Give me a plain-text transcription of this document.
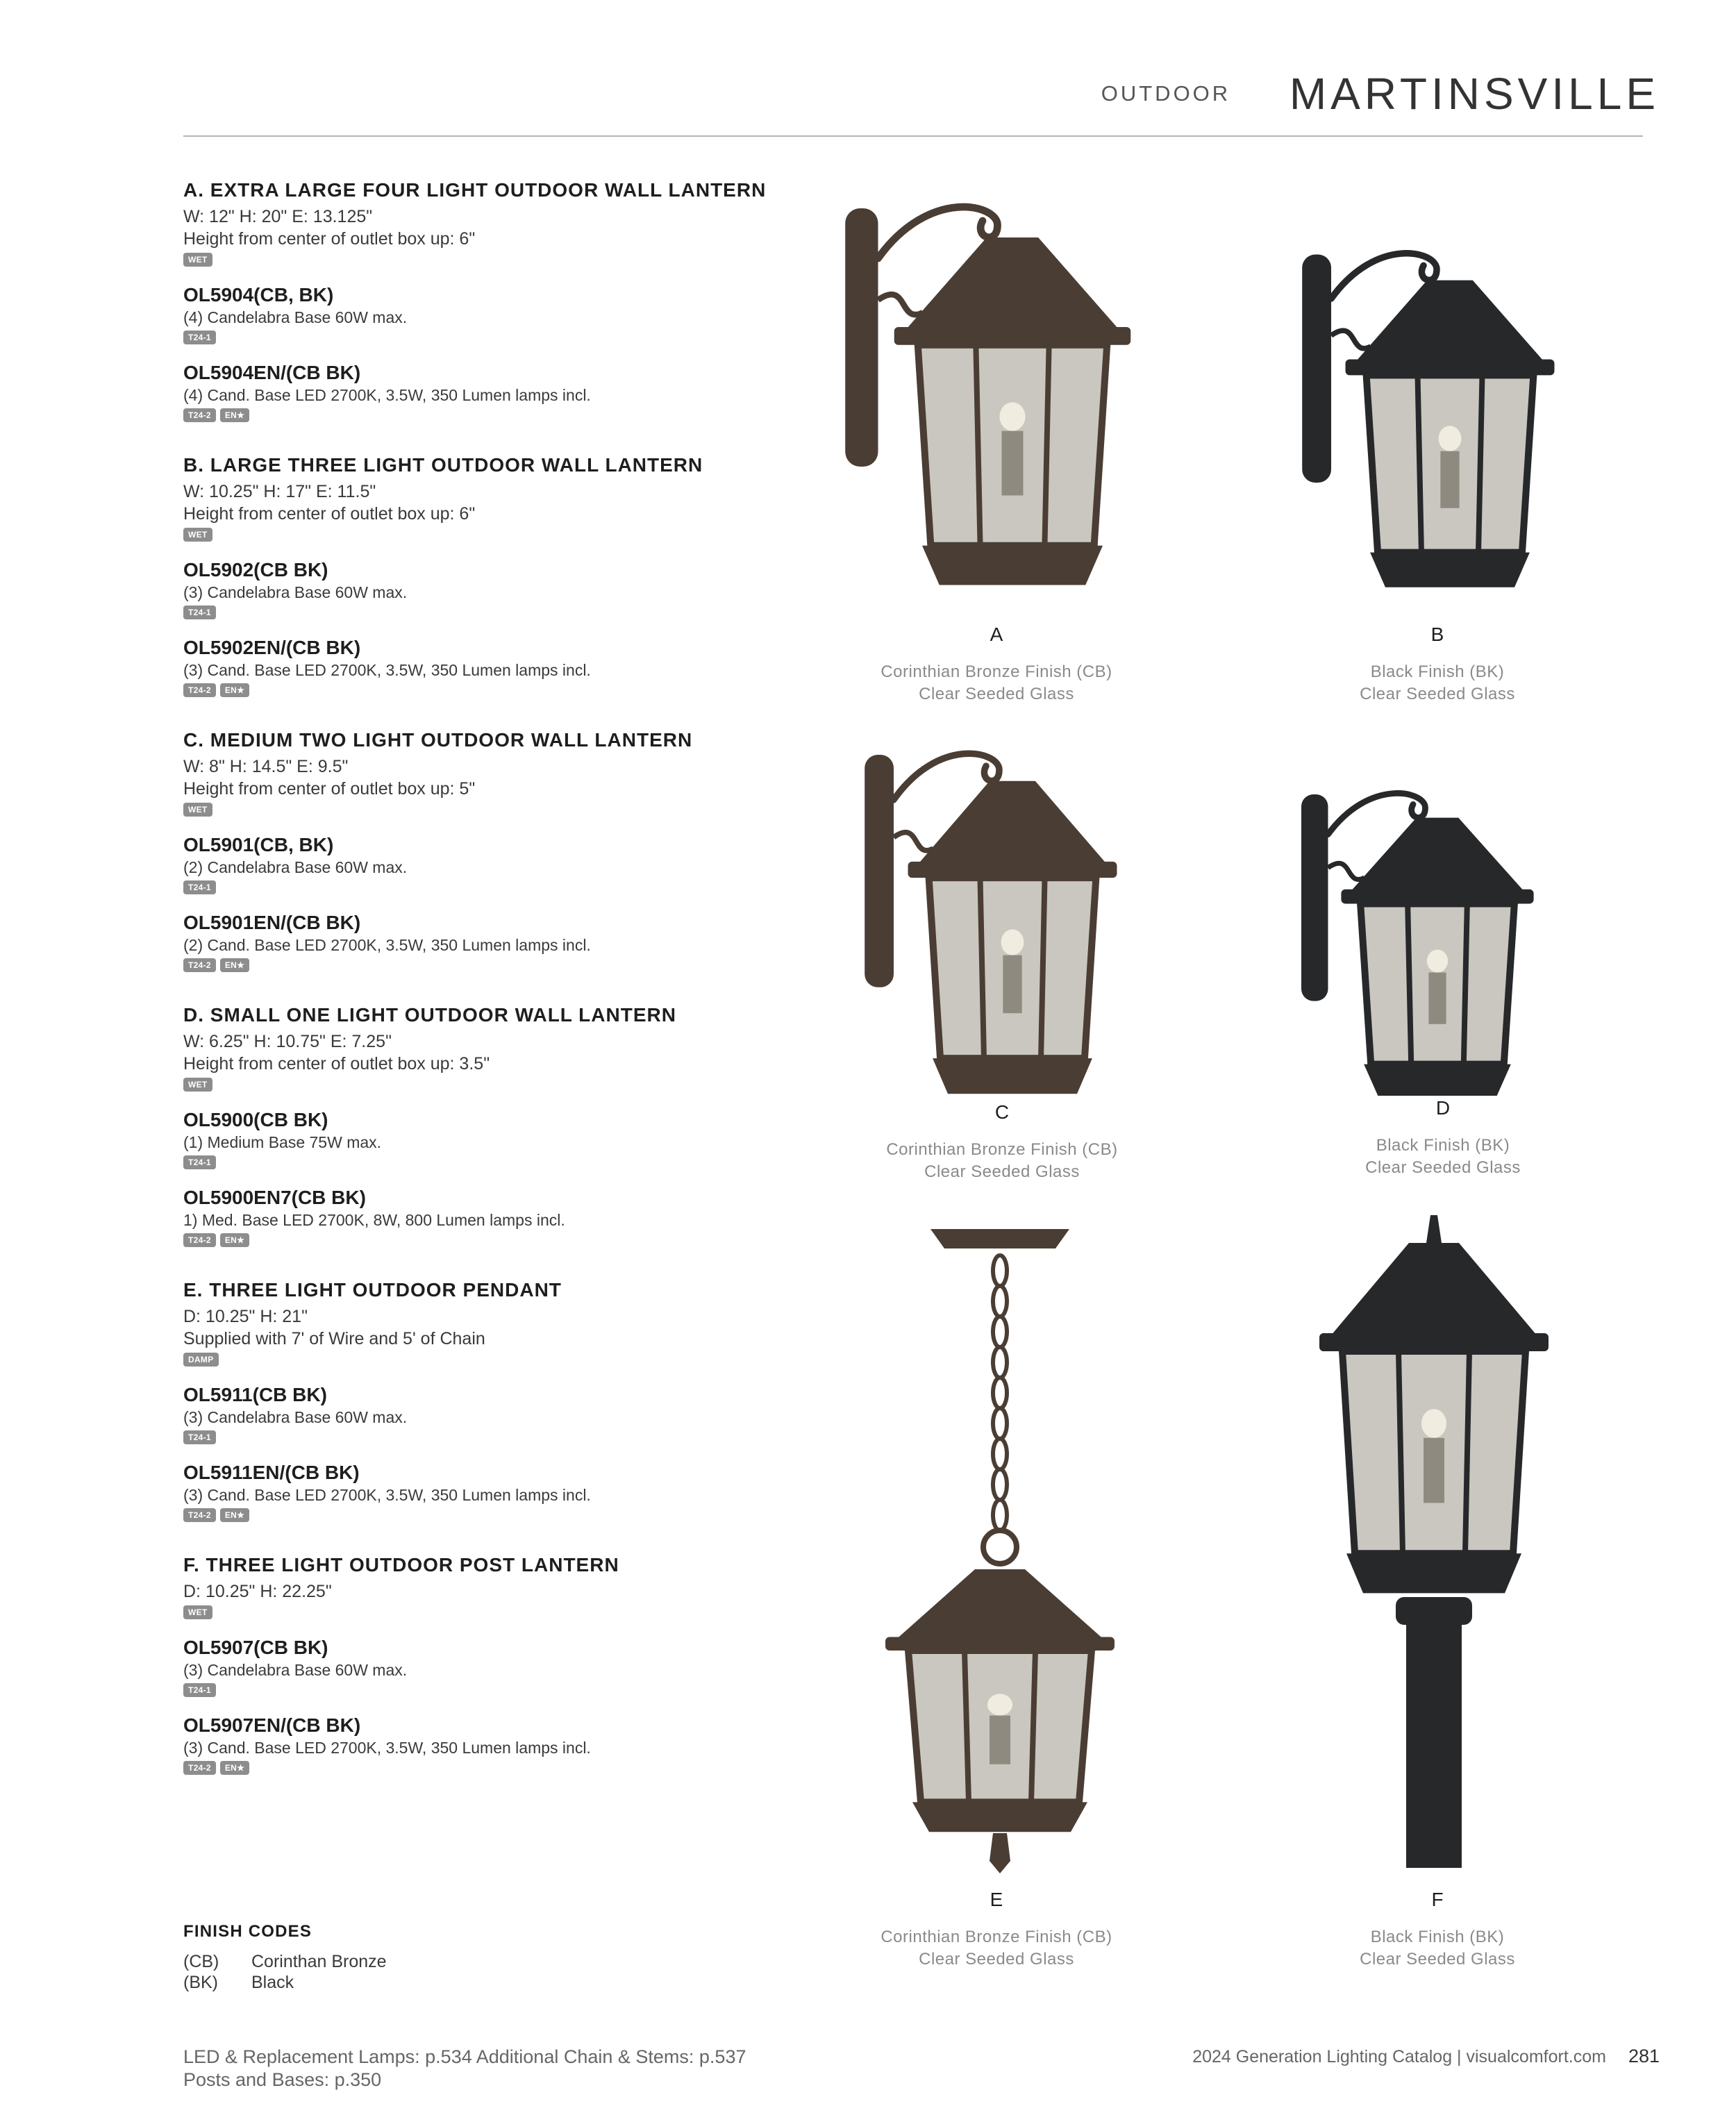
OUTDOOR MARTINSVILLE
A. EXTRA LARGE FOUR LIGHT OUTDOOR WALL LANTERN
W: 12" H: 20" E: 13.125"
Height from center of outlet box up: 6"
WET
OL5904(CB, BK)
(4) Candelabra Base 60W max.
T24-1
OL5904EN/(CB BK)
(4) Cand. Base LED 2700K, 3.5W, 350 Lumen lamps incl.
T24-2 EN★
B. LARGE THREE LIGHT OUTDOOR WALL LANTERN
W: 10.25" H: 17" E: 11.5"
Height from center of outlet box up: 6"
WET
OL5902(CB BK)
(3) Candelabra Base 60W max.
T24-1
OL5902EN/(CB BK)
(3) Cand. Base LED 2700K, 3.5W, 350 Lumen lamps incl.
T24-2 EN★
C. MEDIUM TWO LIGHT OUTDOOR WALL LANTERN
W: 8" H: 14.5" E: 9.5"
Height from center of outlet box up: 5"
WET
OL5901(CB, BK)
(2) Candelabra Base 60W max.
T24-1
OL5901EN/(CB BK)
(2) Cand. Base LED 2700K, 3.5W, 350 Lumen lamps incl.
T24-2 EN★
D. SMALL ONE LIGHT OUTDOOR WALL LANTERN
W: 6.25" H: 10.75" E: 7.25"
Height from center of outlet box up: 3.5"
WET
OL5900(CB BK)
(1) Medium Base 75W max.
T24-1
OL5900EN7(CB BK)
1) Med. Base LED 2700K, 8W, 800 Lumen lamps incl.
T24-2 EN★
E. THREE LIGHT OUTDOOR PENDANT
D: 10.25" H: 21"
Supplied with 7' of Wire and 5' of Chain
DAMP
OL5911(CB BK)
(3) Candelabra Base 60W max.
T24-1
OL5911EN/(CB BK)
(3) Cand. Base LED 2700K, 3.5W, 350 Lumen lamps incl.
T24-2 EN★
F. THREE LIGHT OUTDOOR POST LANTERN
D: 10.25" H: 22.25"
WET
OL5907(CB BK)
(3) Candelabra Base 60W max.
T24-1
OL5907EN/(CB BK)
(3) Cand. Base LED 2700K, 3.5W, 350 Lumen lamps incl.
T24-2 EN★
FINISH CODES
(CB) Corinthan Bronze
(BK) Black
LED & Replacement Lamps: p.534 Additional Chain & Stems: p.537
Posts and Bases: p.350
2024 Generation Lighting Catalog | visualcomfort.com 281
A
Corinthian Bronze Finish (CB)
Clear Seeded Glass
B
Black Finish (BK)
Clear Seeded Glass
C
Corinthian Bronze Finish (CB)
Clear Seeded Glass
D
Black Finish (BK)
Clear Seeded Glass
E
Corinthian Bronze Finish (CB)
Clear Seeded Glass
F
Black Finish (BK)
Clear Seeded Glass
